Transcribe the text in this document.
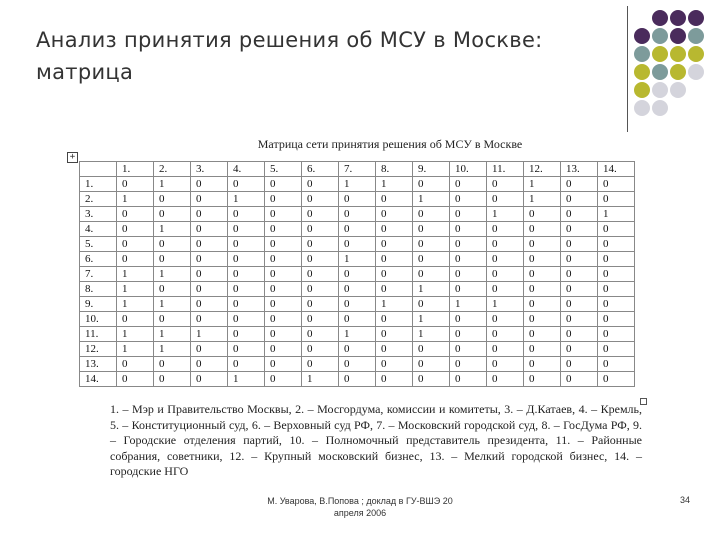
Анализ принятия решения об МСУ в Москве: матрица
Матрица сети принятия решения об МСУ в Москве
+
	1.	2.	3.	4.	5.	6.	7.	8.	9.	10.	11.	12.	13.	14.
1.	0	1	0	0	0	0	1	1	0	0	0	1	0	0
2.	1	0	0	1	0	0	0	0	1	0	0	1	0	0
3.	0	0	0	0	0	0	0	0	0	0	1	0	0	1
4.	0	1	0	0	0	0	0	0	0	0	0	0	0	0
5.	0	0	0	0	0	0	0	0	0	0	0	0	0	0
6.	0	0	0	0	0	0	1	0	0	0	0	0	0	0
7.	1	1	0	0	0	0	0	0	0	0	0	0	0	0
8.	1	0	0	0	0	0	0	0	1	0	0	0	0	0
9.	1	1	0	0	0	0	0	1	0	1	1	0	0	0
10.	0	0	0	0	0	0	0	0	1	0	0	0	0	0
11.	1	1	1	0	0	0	1	0	1	0	0	0	0	0
12.	1	1	0	0	0	0	0	0	0	0	0	0	0	0
13.	0	0	0	0	0	0	0	0	0	0	0	0	0	0
14.	0	0	0	1	0	1	0	0	0	0	0	0	0	0

1. – Мэр и Правительство Москвы, 2. – Мосгордума, комиссии и комитеты, 3. – Д.Катаев, 4. – Кремль, 5. – Конституционный суд, 6. – Верховный суд РФ, 7. – Московский городской суд, 8. – ГосДума РФ, 9. – Городские отделения партий, 10. – Полномочный представитель президента, 11. – Районные собрания, советники, 12. – Крупный московский бизнес, 13. – Мелкий городской бизнес, 14. – городские НГО

М. Уварова, В.Попова ; доклад в ГУ-ВШЭ 20
апреля 2006
34
